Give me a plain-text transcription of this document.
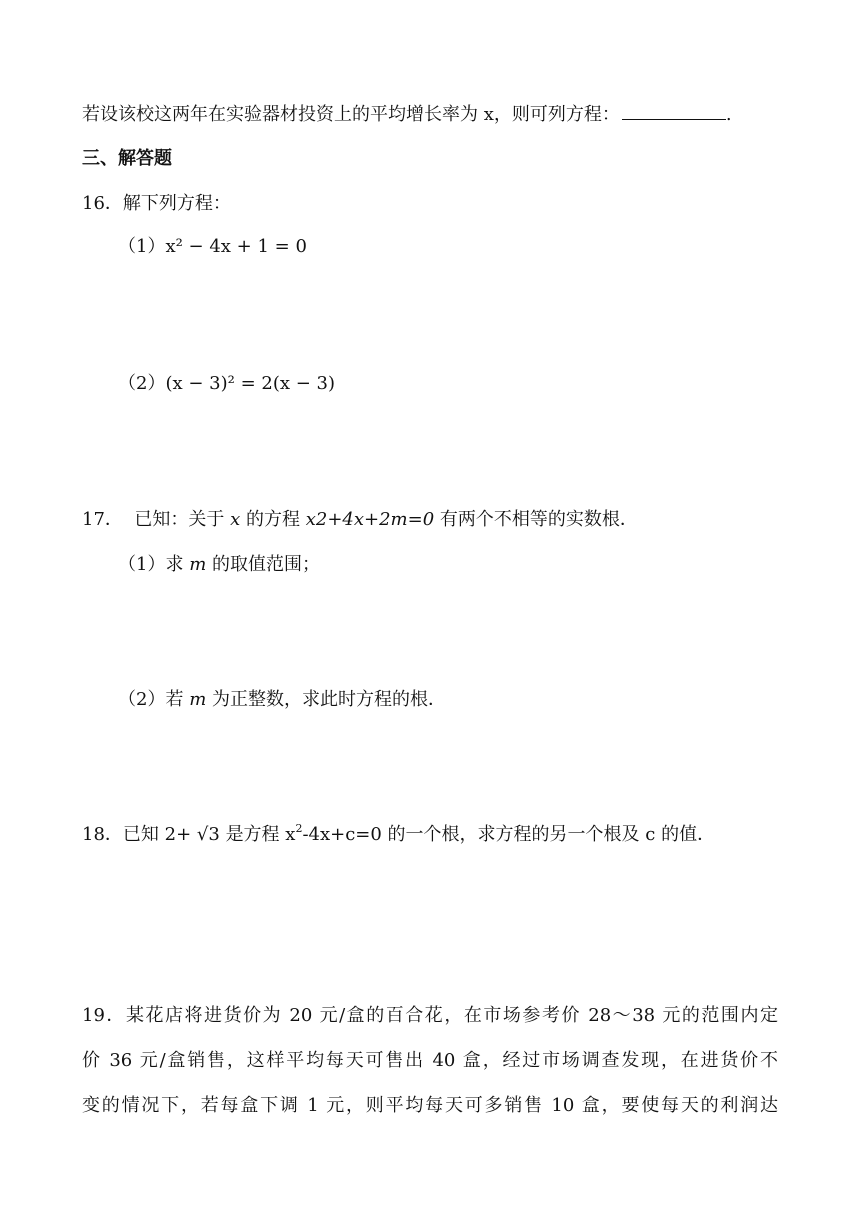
若设该校这两年在实验器材投资上的平均增长率为 x，则可列方程：	.
三、解答题
16．解下列方程：
（1）x² − 4x + 1 = 0
（2）(x − 3)² = 2(x − 3)
17． 已知：关于 x 的方程 x2+4x+2m=0 有两个不相等的实数根．
（1）求 m 的取值范围；
（2）若 m 为正整数，求此时方程的根．
18．已知 2+ √3 是方程 $x^2-4x+c=0$ 的一个根，求方程的另一个根及 c 的值．
19．某花店将进货价为 20 元/盒的百合花，在市场参考价 28～38 元的范围内定
价 36 元/盒销售，这样平均每天可售出 40 盒，经过市场调查发现，在进货价不
变的情况下，若每盒下调 1 元，则平均每天可多销售 10 盒，要使每天的利润达
